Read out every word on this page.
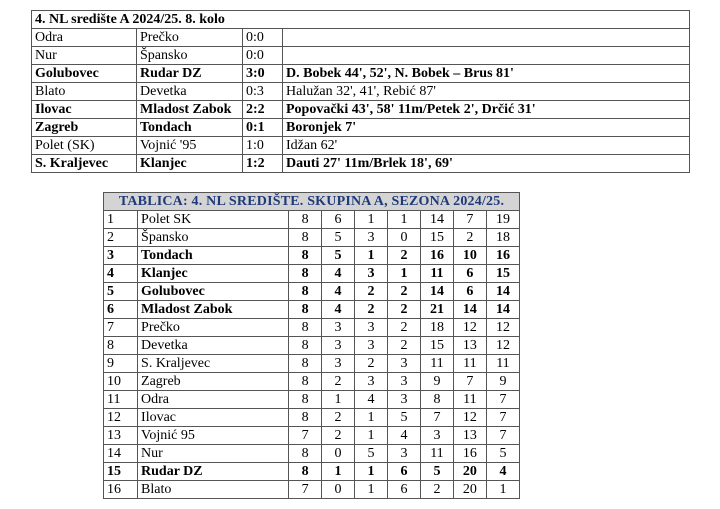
4. NL središte A 2024/25. 8. kolo			
Odra	Prečko	0:0	
Nur	Špansko	0:0	
Golubovec	Rudar DZ	3:0	D. Bobek 44', 52', N. Bobek – Brus 81'
Blato	Devetka	0:3	Halužan 32', 41', Rebić 87'
Ilovac	Mladost Zabok	2:2	Popovački 43', 58' 11m/Petek 2', Drčić 31'
Zagreb	Tondach	0:1	Boronjek 7'
Polet (SK)	Vojnić '95	1:0	Idžan 62'
S. Kraljevec	Klanjec	1:2	Dauti 27' 11m/Brlek 18', 69'
TABLICA: 4. NL SREDIŠTE. SKUPINA A, SEZONA 2024/25.								
1	Polet SK	8	6	1	1	14	7	19
2	Špansko	8	5	3	0	15	2	18
3	Tondach	8	5	1	2	16	10	16
4	Klanjec	8	4	3	1	11	6	15
5	Golubovec	8	4	2	2	14	6	14
6	Mladost Zabok	8	4	2	2	21	14	14
7	Prečko	8	3	3	2	18	12	12
8	Devetka	8	3	3	2	15	13	12
9	S. Kraljevec	8	3	2	3	11	11	11
10	Zagreb	8	2	3	3	9	7	9
11	Odra	8	1	4	3	8	11	7
12	Ilovac	8	2	1	5	7	12	7
13	Vojnić 95	7	2	1	4	3	13	7
14	Nur	8	0	5	3	11	16	5
15	Rudar DZ	8	1	1	6	5	20	4
16	Blato	7	0	1	6	2	20	1
